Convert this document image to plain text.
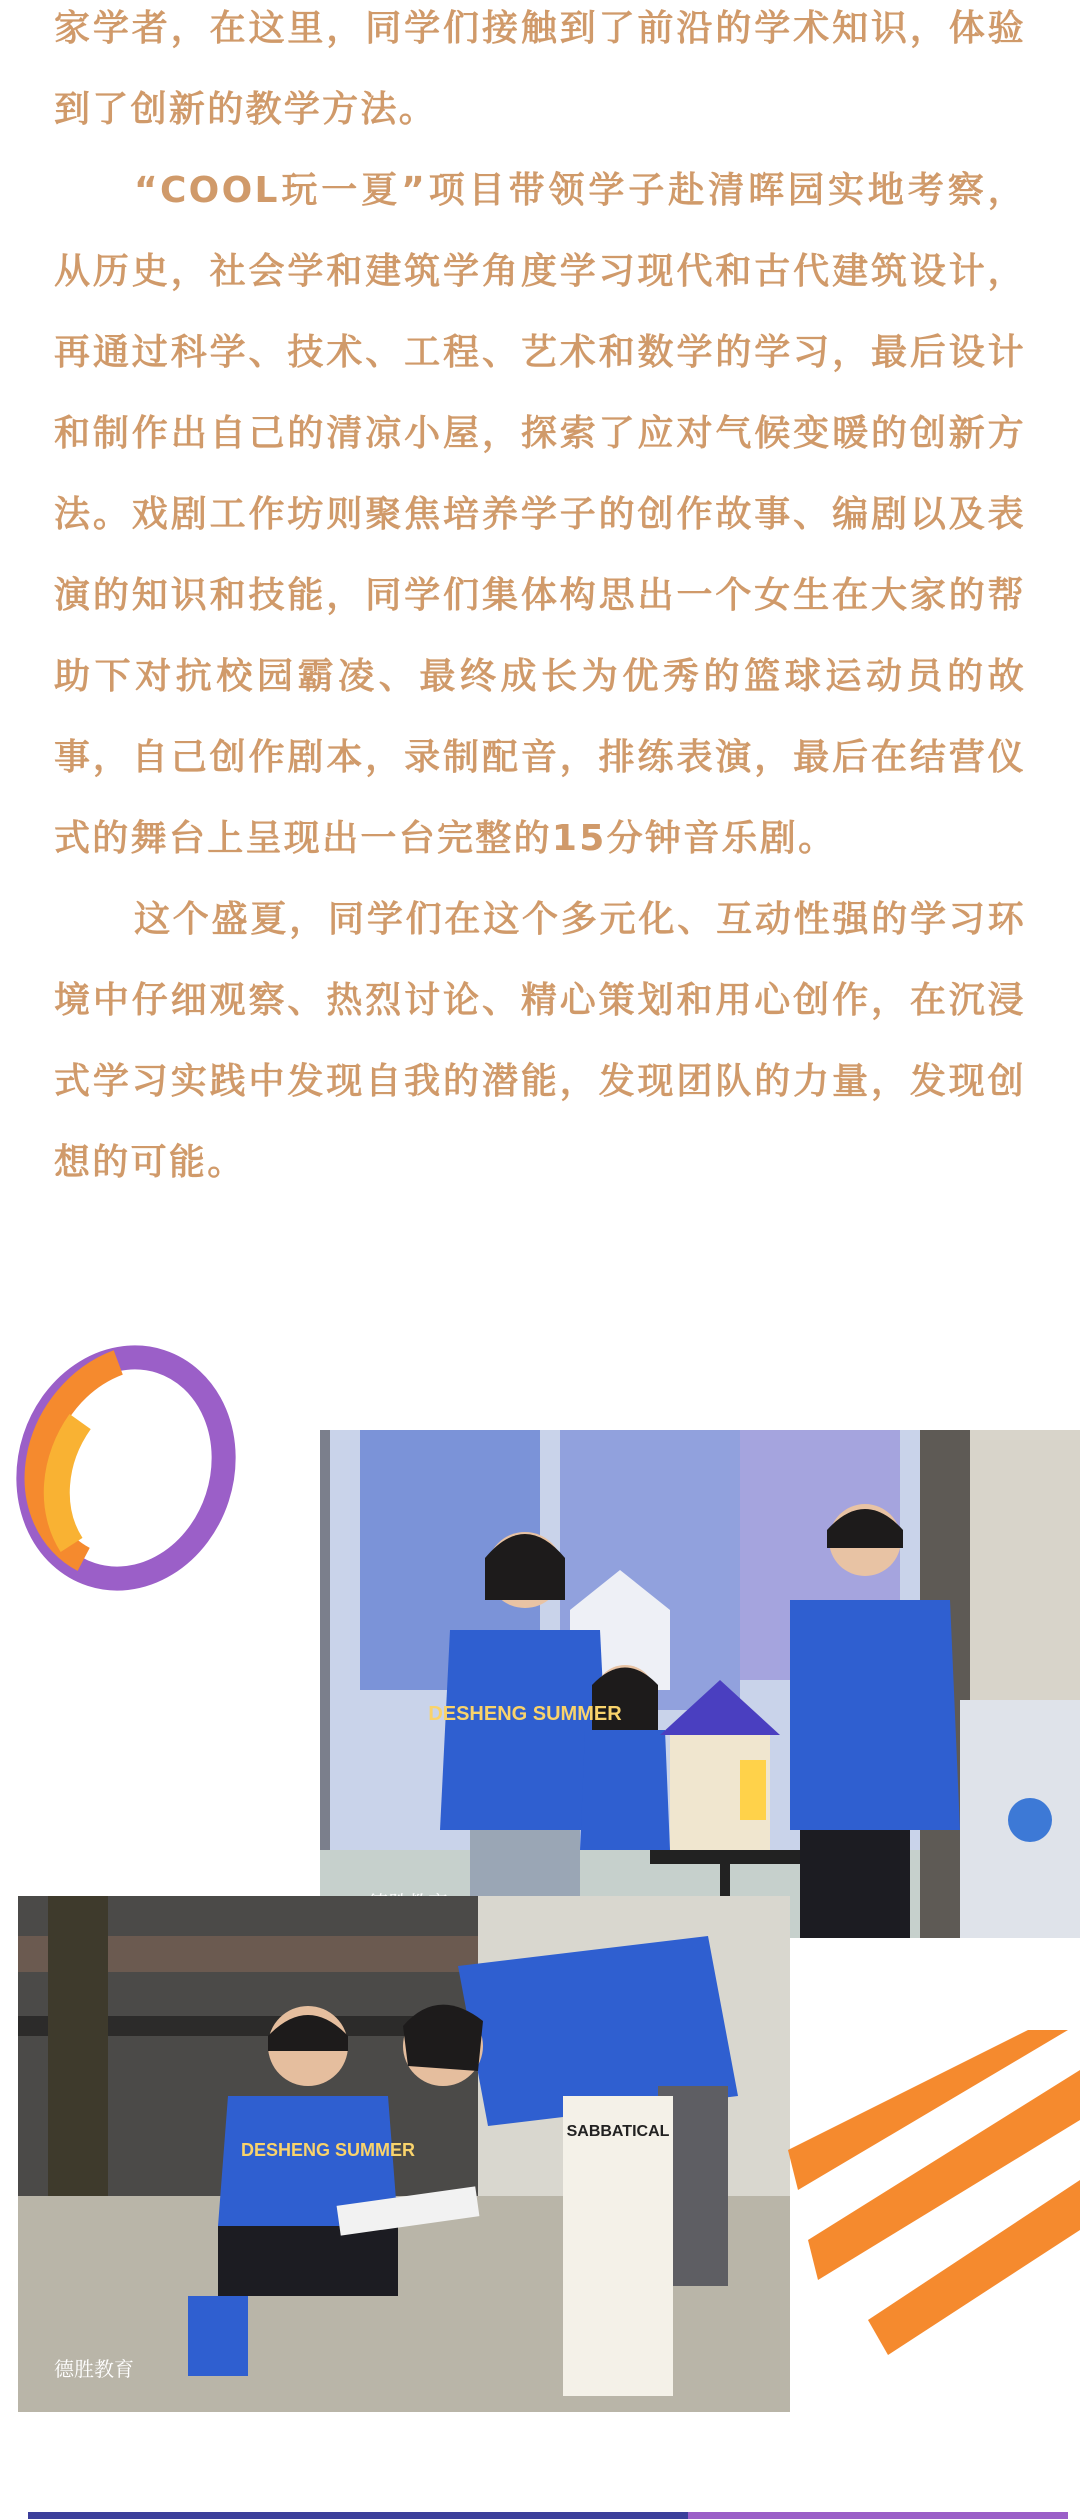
家学者，在这里，同学们接触到了前沿的学术知识，体验到了创新的教学方法。

“COOL玩一夏”项目带领学子赴清晖园实地考察，从历史，社会学和建筑学角度学习现代和古代建筑设计，再通过科学、技术、工程、艺术和数学的学习，最后设计和制作出自己的清凉小屋，探索了应对气候变暖的创新方法。戏剧工作坊则聚焦培养学子的创作故事、编剧以及表演的知识和技能，同学们集体构思出一个女生在大家的帮助下对抗校园霸凌、最终成长为优秀的篮球运动员的故事，自己创作剧本，录制配音，排练表演，最后在结营仪式的舞台上呈现出一台完整的15分钟音乐剧。

这个盛夏，同学们在这个多元化、互动性强的学习环境中仔细观察、热烈讨论、精心策划和用心创作，在沉浸式学习实践中发现自我的潜能，发现团队的力量，发现创想的可能。

DESHENG SUMMER
SABBATICAL
DESHENG SUMMER
德胜教育
